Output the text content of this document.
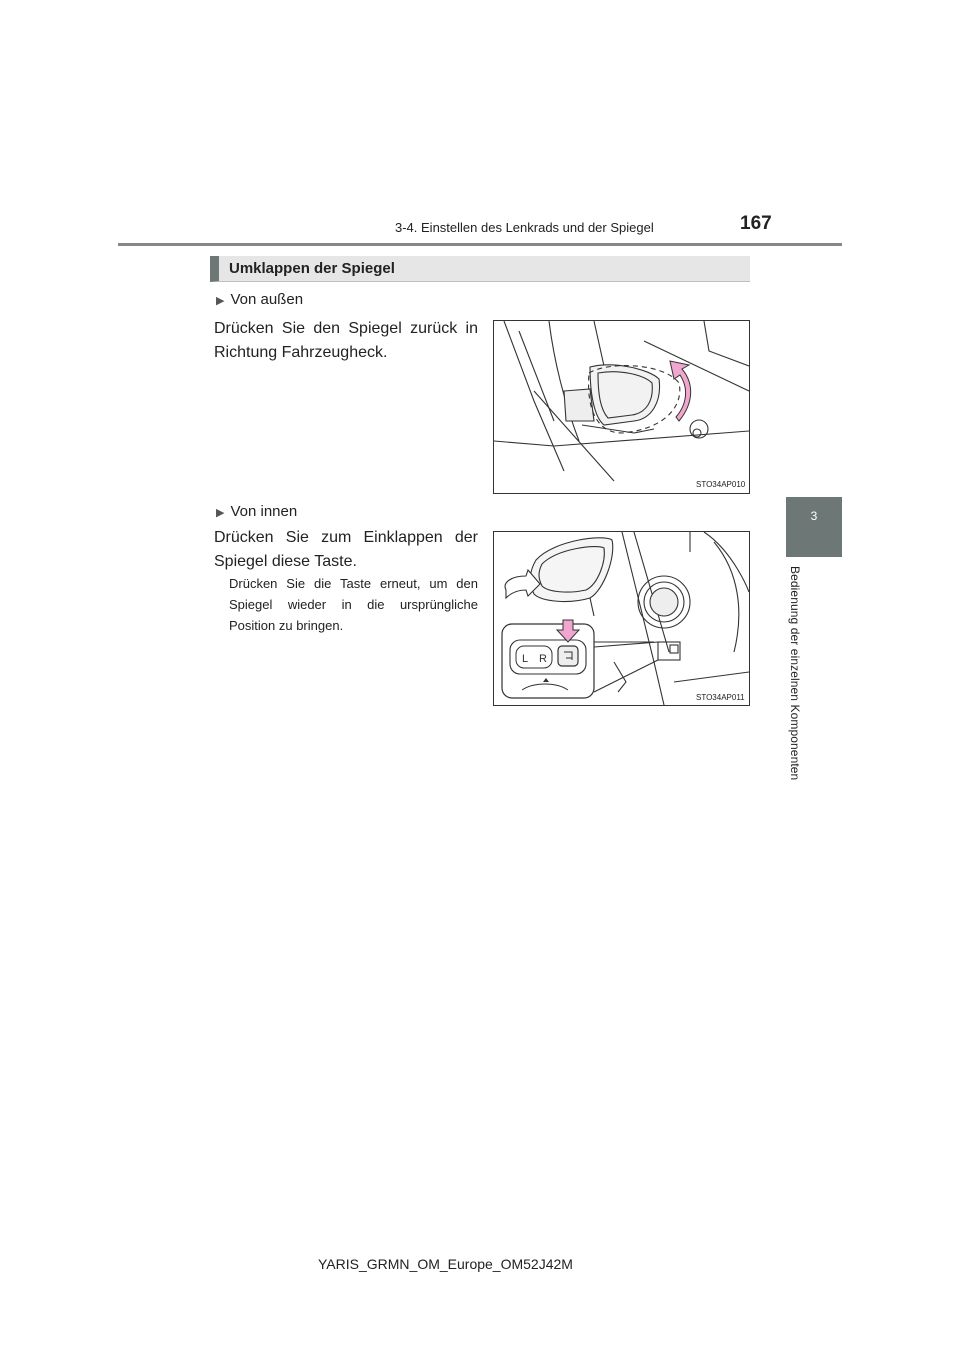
3-4. Einstellen des Lenkrads und der Spiegel	167
3
Bedienung der einzelnen Komponenten
Umklappen der Spiegel
▶ Von außen
Drücken Sie den Spiegel zurück in Richtung Fahrzeugheck.
STO34AP010
▶ Von innen
Drücken Sie zum Einklappen der Spiegel diese Taste.
Drücken Sie die Taste erneut, um den Spiegel wieder in die ursprüngliche Position zu bringen.
L R
STO34AP011
YARIS_GRMN_OM_Europe_OM52J42M
